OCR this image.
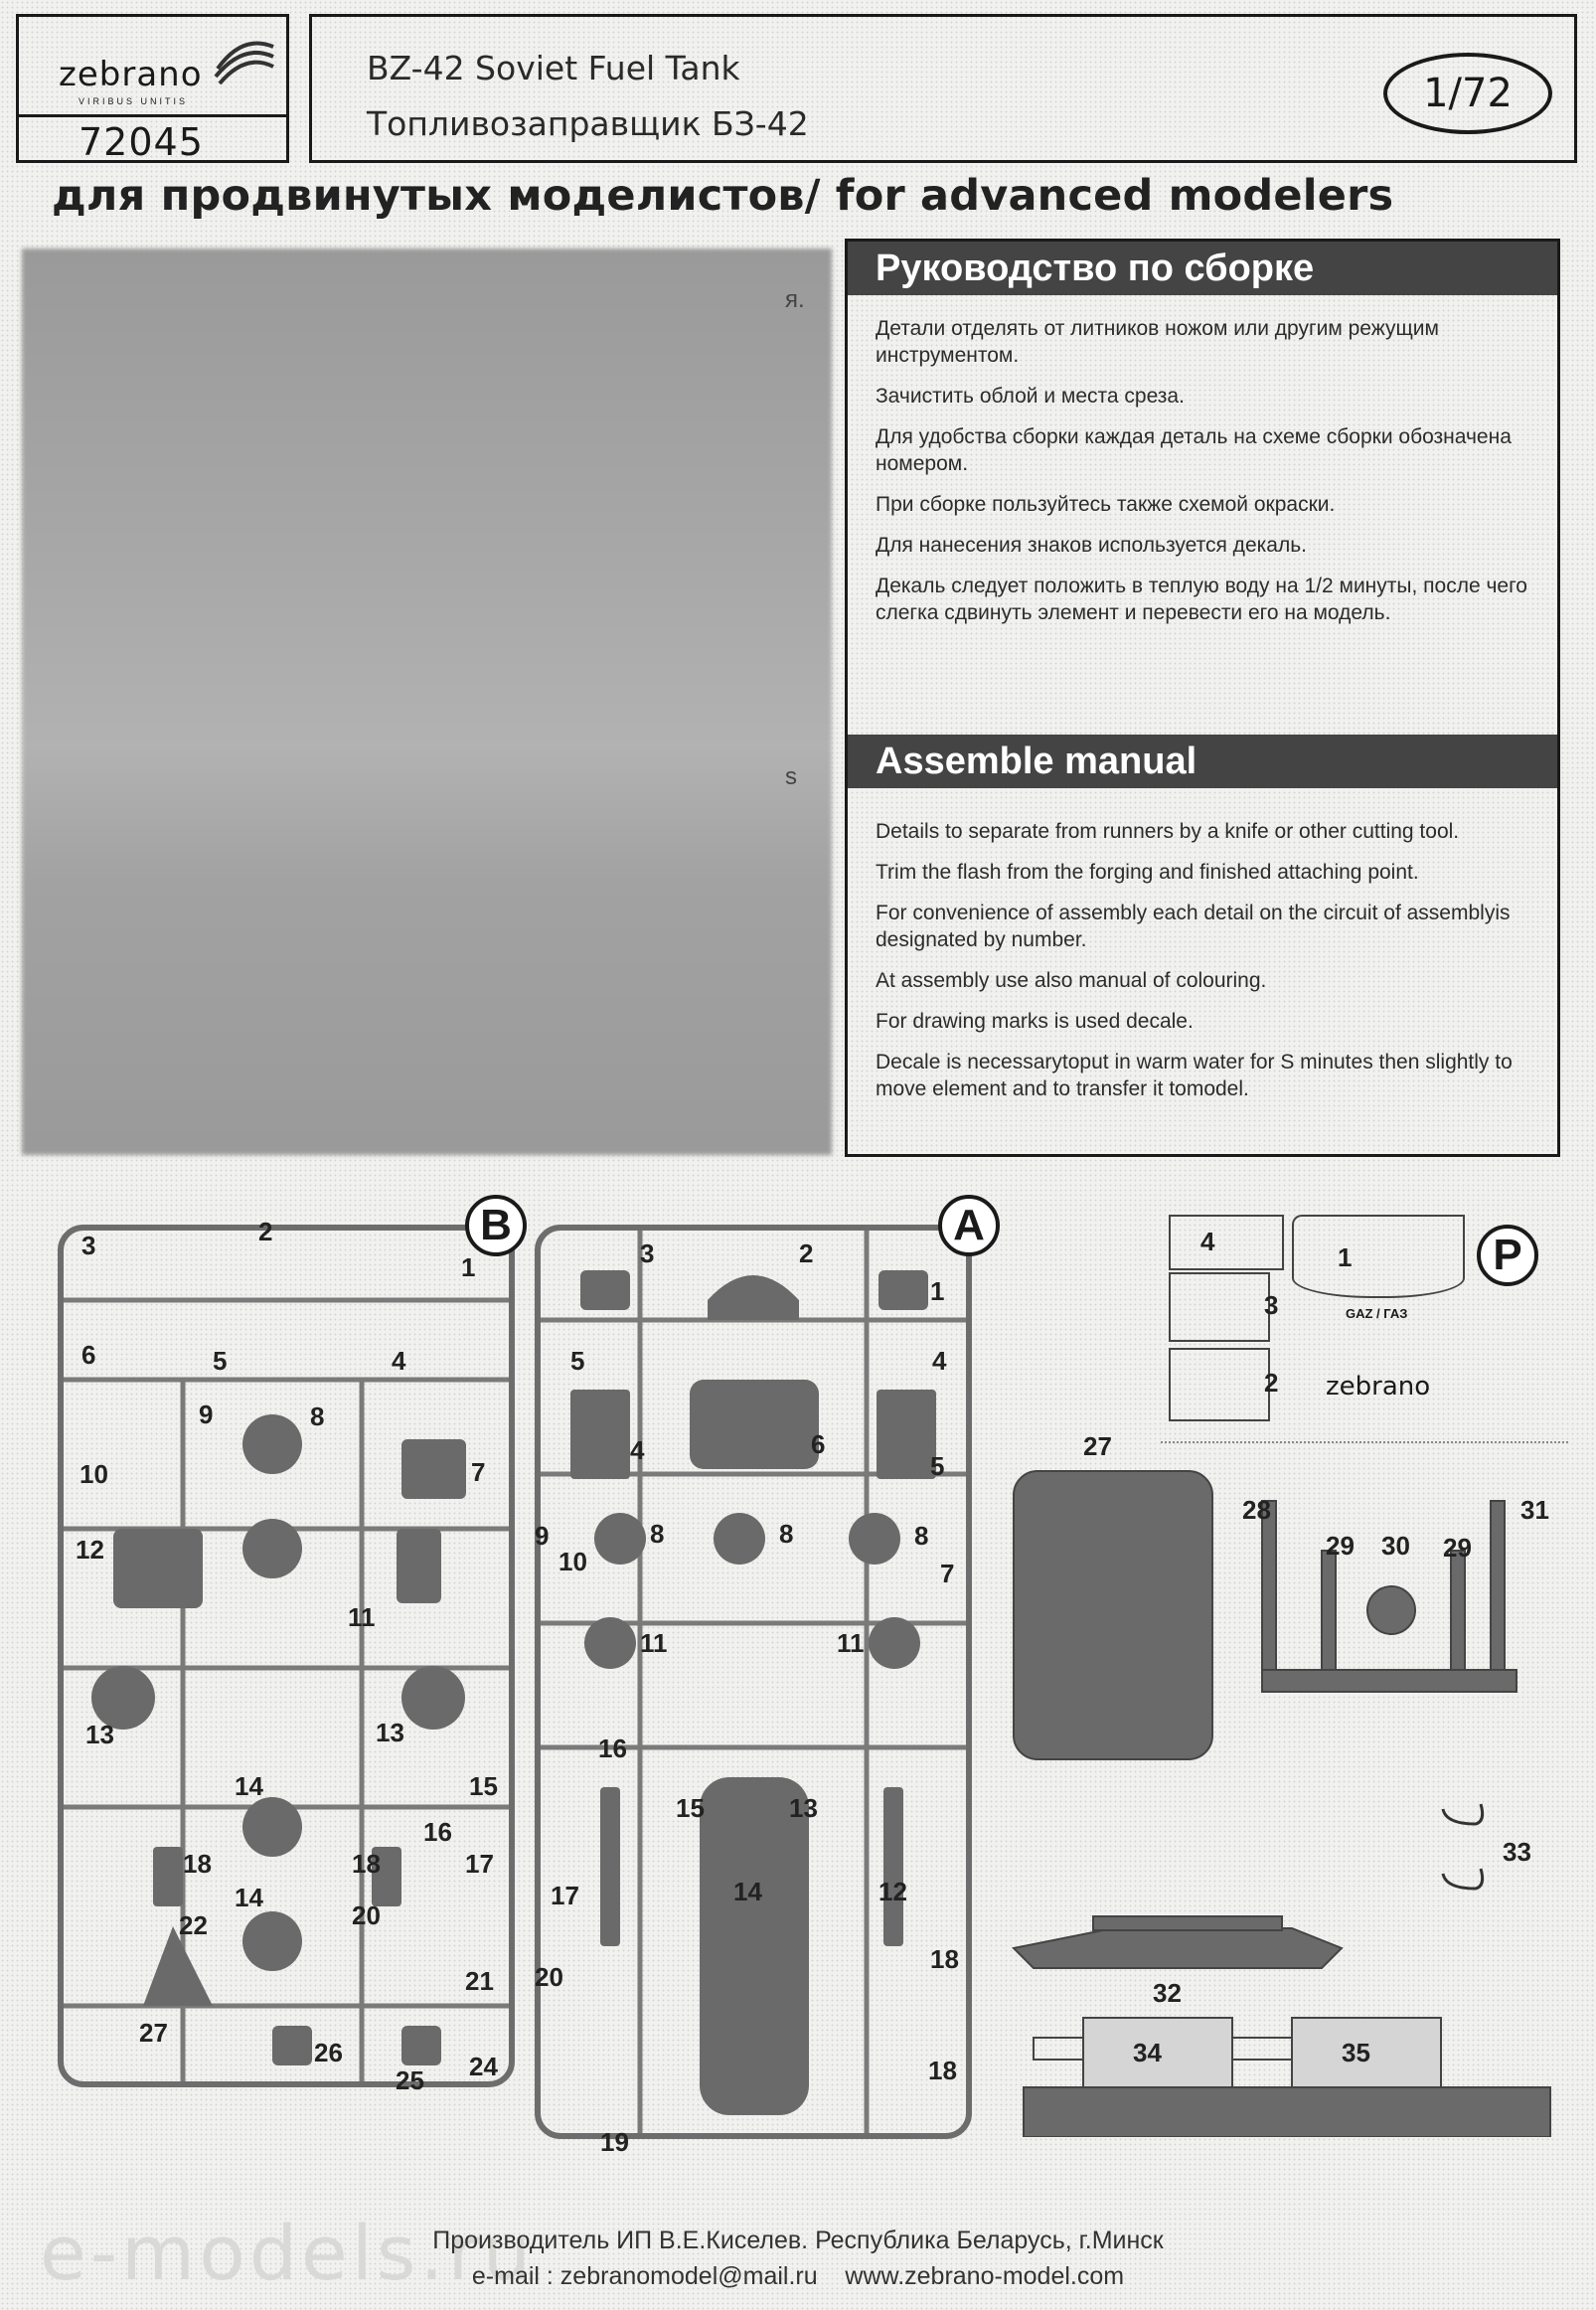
zebrano
VIRIBUS UNITIS
72045
BZ-42 Soviet Fuel Tank
Топливозаправщик БЗ-42
1/72
для продвинутых моделистов/ for advanced modelers
я.
s
Руководство по сборке

Детали отделять от литников ножом или другим режущим инструментом.

Зачистить облой и места среза.

Для удобства сборки каждая деталь на схеме сборки обозначена номером.

При сборке пользуйтесь также схемой окраски.

Для нанесения знаков используется декаль.

Декаль следует положить в теплую воду на 1/2 минуты, после чего слегка сдвинуть элемент и перевести его на модель.

Assemble manual

Details to separate from runners by a knife or other cutting tool.

Trim the flash from the forging and finished attaching point.

For convenience of assembly each detail on the circuit of assemblyis designated by number.

At assembly use also manual of colouring.

For drawing marks is used decale.

Decale is necessarytoput in warm water for S minutes then slightly to move element and to transfer it tomodel.

B
3	2
1
6	5	4
9	8
10	7
12
11
13	13
14	15
18
16
17
18
14
22	20
21
27
26	24
25
A
3	2
1
5	4
6
4
5
9	8	8	8
10	7
11	11
16
15	13
17	14	12
20
18
18
19
4
1
3
2
GAZ / ГАЗ
zebrano
P
27
28	31
29 30 29
33
32
34	35
e-models.ru
Производитель ИП В.Е.Киселев. Республика Беларусь, г.Минск
e-mail : zebranomodel@mail.ru    www.zebrano-model.com
